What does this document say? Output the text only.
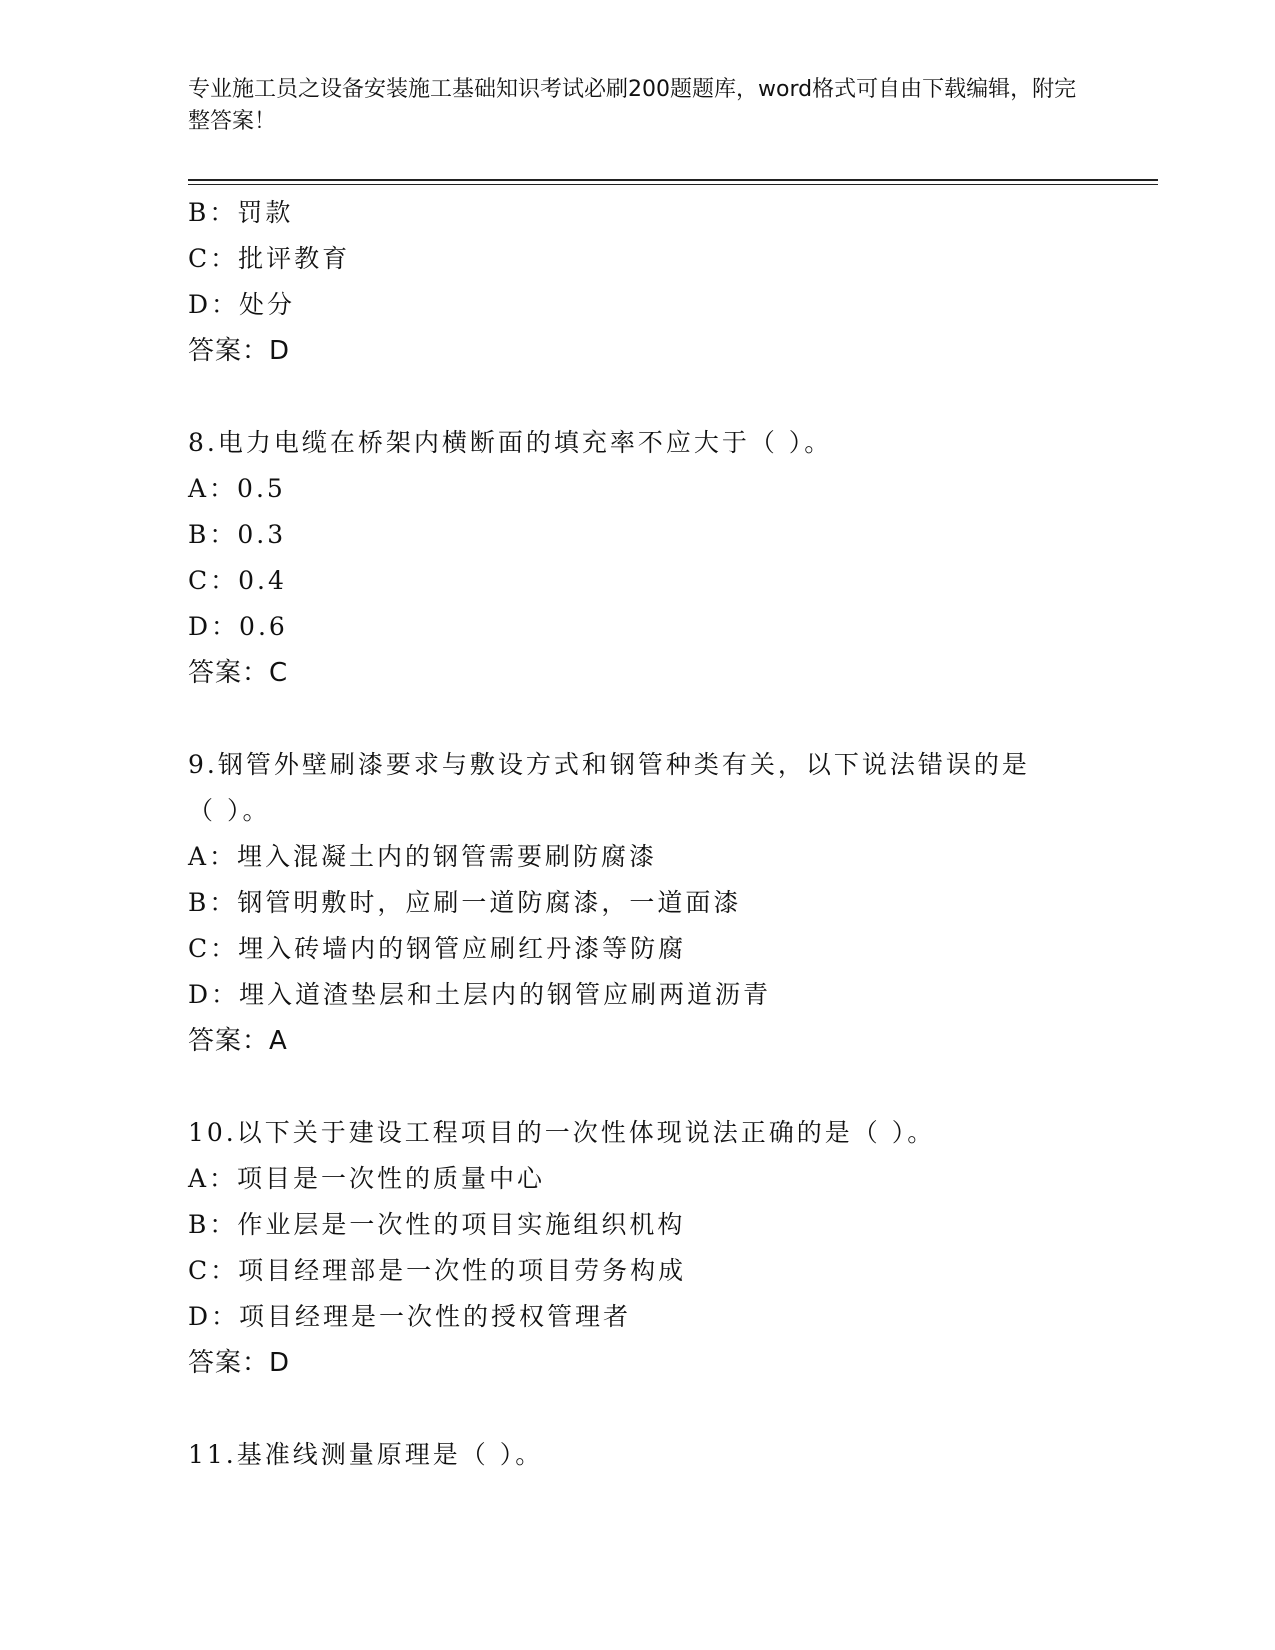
专业施工员之设备安装施工基础知识考试必刷200题题库，word格式可自由下载编辑，附完整答案！
B：罚款
C：批评教育
D：处分
答案：D
8.电力电缆在桥架内横断面的填充率不应大于（ ）。
A：0.5
B：0.3
C：0.4
D：0.6
答案：C
9.钢管外壁刷漆要求与敷设方式和钢管种类有关，以下说法错误的是
（ ）。
A：埋入混凝土内的钢管需要刷防腐漆
B：钢管明敷时，应刷一道防腐漆，一道面漆
C：埋入砖墙内的钢管应刷红丹漆等防腐
D：埋入道渣垫层和土层内的钢管应刷两道沥青
答案：A
10.以下关于建设工程项目的一次性体现说法正确的是（ ）。
A：项目是一次性的质量中心
B：作业层是一次性的项目实施组织机构
C：项目经理部是一次性的项目劳务构成
D：项目经理是一次性的授权管理者
答案：D
11.基准线测量原理是（ ）。
